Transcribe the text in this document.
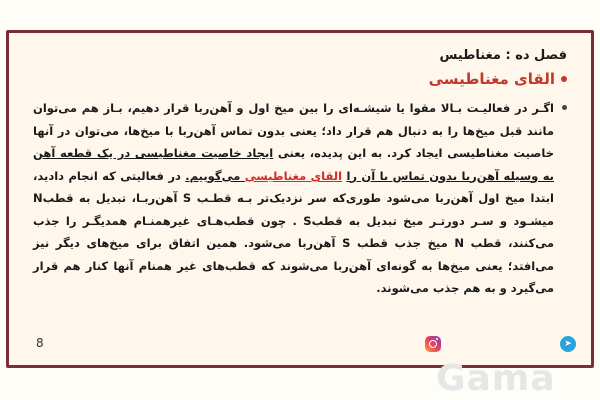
فصل ده : مغناطیس
القای مغناطیسی
اگـر در فعالیـت بـالا مقوا یا شیشـه‌ای را بین میخ اول و آهن‌ربا قرار دهیم، بـاز هم می‌توان مانند قبل میخ‌ها را به دنبال هم قرار داد؛ یعنی بدون تماس آهن‌ربا با میخ‌ها، می‌توان در آنها خاصیت مغناطیسی ایجاد کرد. به این پدیده، یعنی ایجاد خاصیت مغناطیسی در یک قطعه آهن به وسیله آهن‌ربا بدون تماس با آن را القای مغناطیسی می‌گوییم. در فعالیتی که انجام دادید، ابتدا میخ اول آهن‌ربا می‌شود طوری‌که سر نزدیک‌تر بـه قطـب S آهن‌ربـا، تبدیل به قطبN میشـود و سـر دورتـر میخ تبدیل به قطبS . چون قطب‌هـای غیرهمنـام همدیگـر را جذب می‌کنند، قطب N میخ جذب قطب S آهن‌ربا می‌شود. همین اتفاق برای میخ‌های دیگر نیز می‌افتد؛ یعنی میخ‌ها به گونه‌ای آهن‌ربا می‌شوند که قطب‌های غیر همنام آنها کنار هم قرار می‌گیرد و به هم جذب می‌شوند.
8	➤
Gama
